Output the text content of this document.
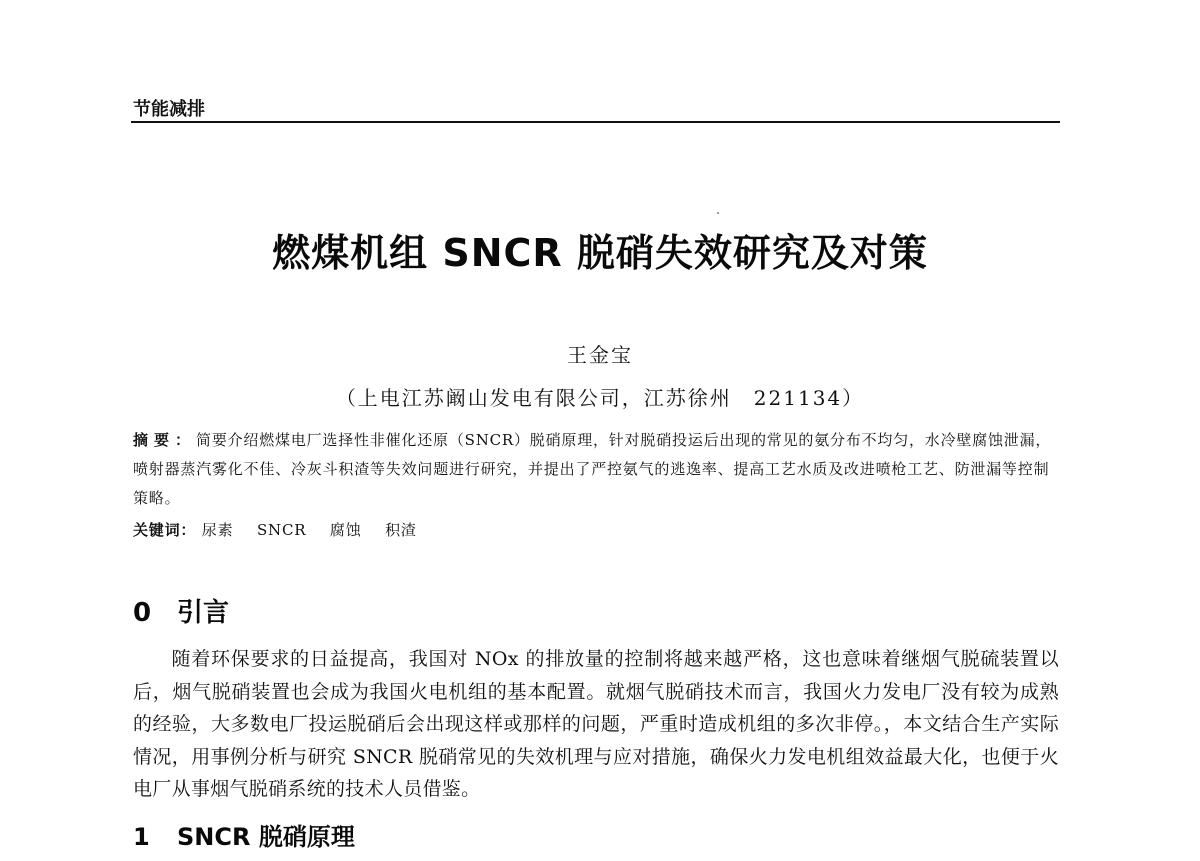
节能减排
燃煤机组 SNCR 脱硝失效研究及对策
王金宝
（上电江苏阚山发电有限公司，江苏徐州　221134）
摘要：简要介绍燃煤电厂选择性非催化还原（SNCR）脱硝原理，针对脱硝投运后出现的常见的氨分布不均匀，水冷壁腐蚀泄漏，喷射器蒸汽雾化不佳、冷灰斗积渣等失效问题进行研究，并提出了严控氨气的逃逸率、提高工艺水质及改进喷枪工艺、防泄漏等控制策略。
关键词： 尿素 SNCR 腐蚀 积渣
0 引言
随着环保要求的日益提高，我国对 NOx 的排放量的控制将越来越严格，这也意味着继烟气脱硫装置以后，烟气脱硝装置也会成为我国火电机组的基本配置。就烟气脱硝技术而言，我国火力发电厂没有较为成熟的经验，大多数电厂投运脱硝后会出现这样或那样的问题，严重时造成机组的多次非停。，本文结合生产实际情况，用事例分析与研究 SNCR 脱硝常见的失效机理与应对措施，确保火力发电机组效益最大化，也便于火电厂从事烟气脱硝系统的技术人员借鉴。
1 SNCR 脱硝原理
